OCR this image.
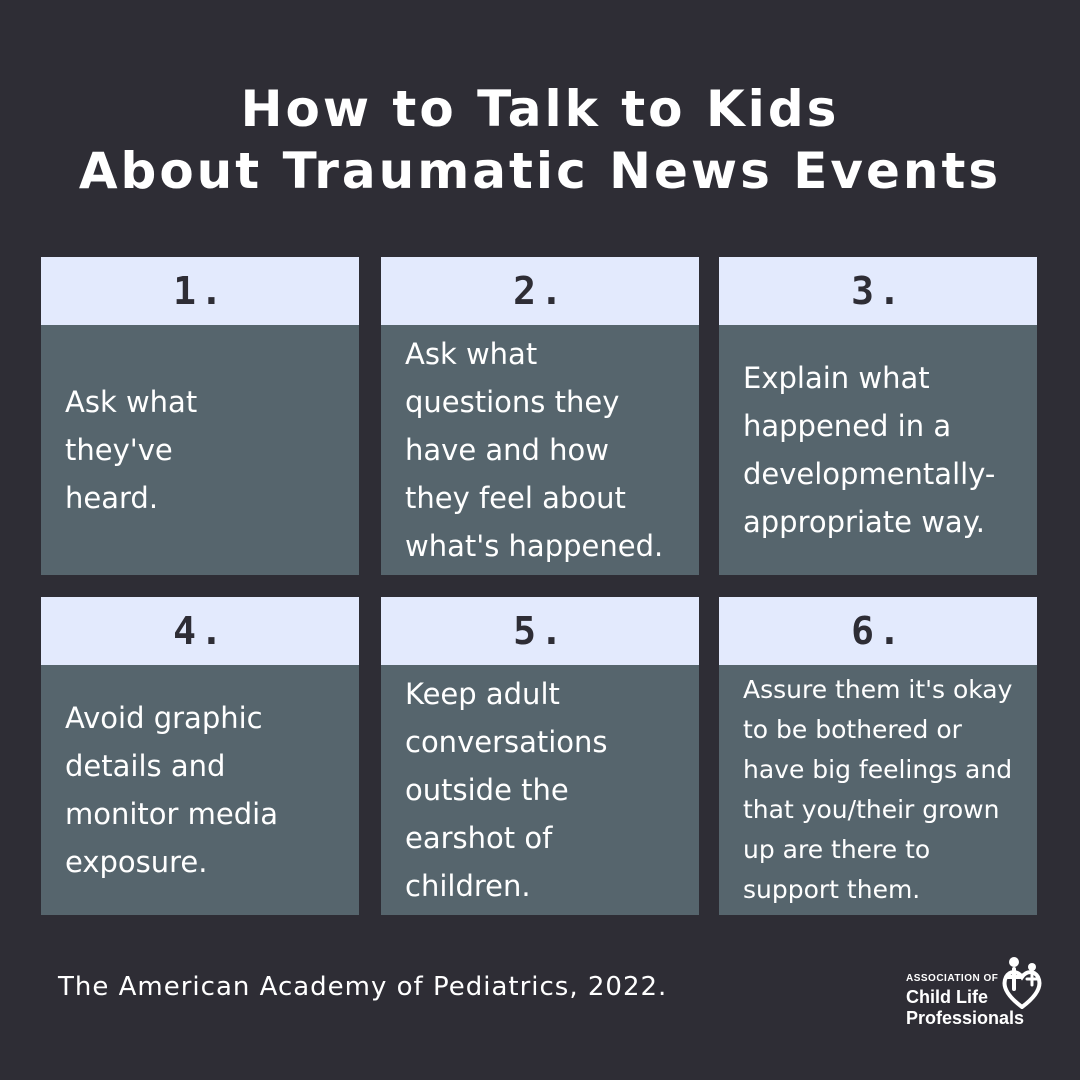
How to Talk to Kids
About Traumatic News Events
1.
Ask what they've heard.
2.
Ask what questions they have and how they feel about what's happened.
3.
Explain what happened in a developmentally-appropriate way.
4.
Avoid graphic details and monitor media exposure.
5.
Keep adult conversations outside the earshot of children.
6.
Assure them it's okay to be bothered or have big feelings and that you/their grown up are there to support them.
The American Academy of Pediatrics, 2022.	ASSOCIATION OF
Child Life
Professionals
